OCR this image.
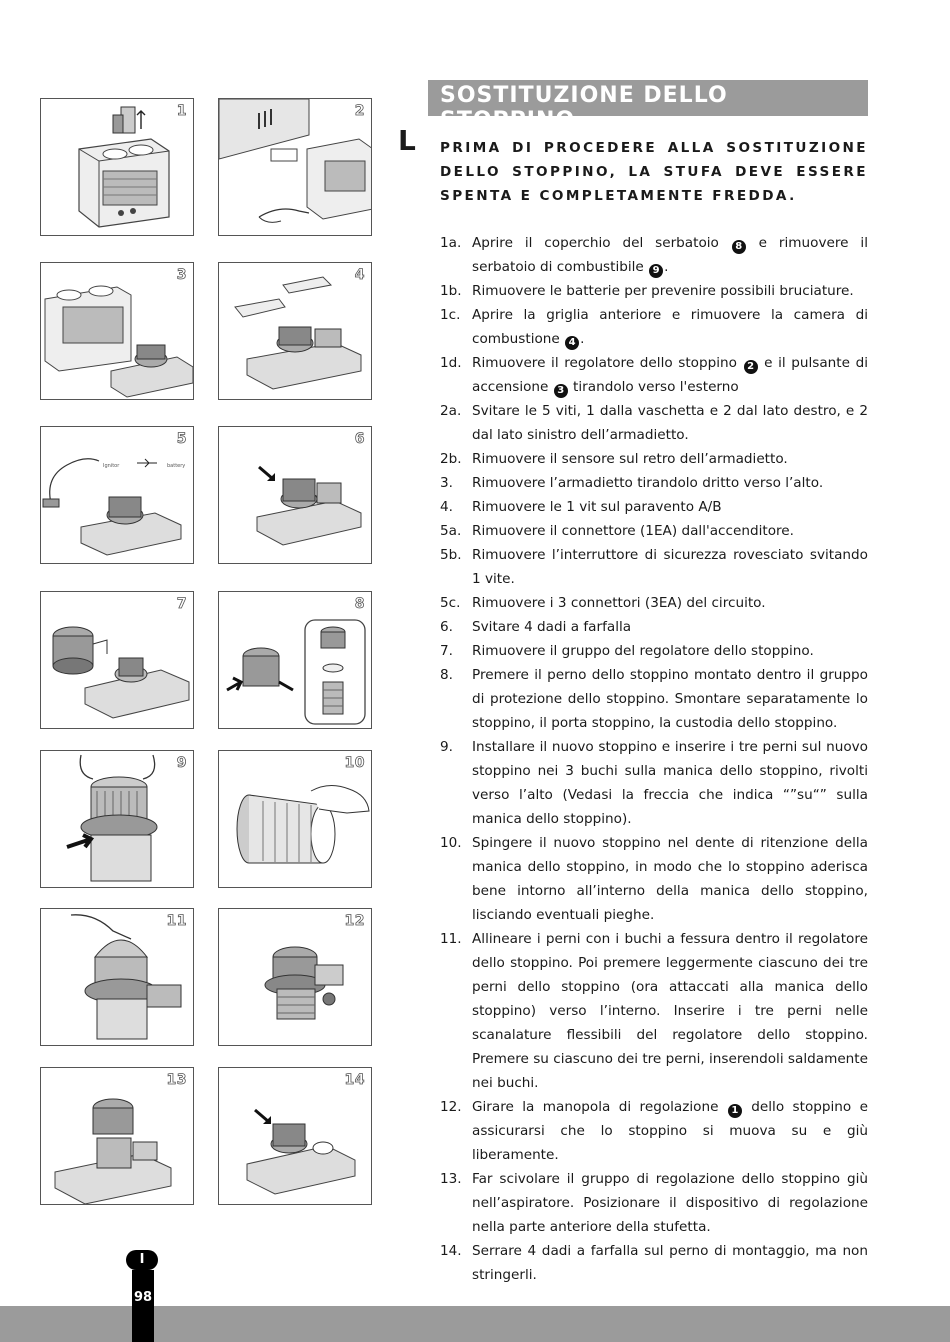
1	2
3	4
Ignitor	battery
5	6
7	8
9	10
11	12
13	14
SOSTITUZIONE DELLO STOPPINO
L PRIMA DI PROCEDERE ALLA SOSTITUZIONE DELLO STOPPINO, LA STUFA DEVE ESSERE SPENTA E COMPLETAMENTE FREDDA.
1a. Aprire il coperchio del serbatoio 8 e rimuovere il serbatoio di combustibile 9 .
1b. Rimuovere le batterie per prevenire possibili bruciature.
1c. Aprire la griglia anteriore e rimuovere la camera di combustione 4 .
1d. Rimuovere il regolatore dello stoppino 2 e il pulsante di accensione 3 tirandolo verso l'esterno
2a. Svitare le 5 viti, 1 dalla vaschetta e 2 dal lato destro, e 2 dal lato sinistro dell’armadietto.
2b. Rimuovere il sensore sul retro dell’armadietto.
3. Rimuovere l’armadietto tirandolo dritto verso l’alto.
4. Rimuovere le 1 vit sul paravento A/B
5a. Rimuovere il connettore (1EA) dall'accenditore.
5b. Rimuovere l’interruttore di sicurezza rovesciato svitando 1 vite.
5c. Rimuovere i 3 connettori (3EA) del circuito.
6. Svitare 4 dadi a farfalla
7. Rimuovere il gruppo del regolatore dello stoppino.
8. Premere il perno dello stoppino montato dentro il gruppo di protezione dello stoppino. Smontare separatamente lo stoppino, il porta stoppino, la custodia dello stoppino.
9. Installare il nuovo stoppino e inserire i tre perni sul nuovo stoppino nei 3 buchi sulla manica dello stoppino, rivolti verso l’alto (Vedasi la freccia che indica “”su“” sulla manica dello stoppino).
10. Spingere il nuovo stoppino nel dente di ritenzione della manica dello stoppino, in modo che lo stoppino aderisca bene intorno all’interno della manica dello stoppino, lisciando eventuali pieghe.
11. Allineare i perni con i buchi a fessura dentro il regolatore dello stoppino. Poi premere leggermente ciascuno dei tre perni dello stoppino (ora attaccati alla manica dello stoppino) verso l’interno. Inserire i tre perni nelle scanalature flessibili del regolatore dello stoppino. Premere su ciascuno dei tre perni, inserendoli saldamente nei buchi.
12. Girare la manopola di regolazione 1 dello stoppino e assicurarsi che lo stoppino si muova su e giù liberamente.
13. Far scivolare il gruppo di regolazione dello stoppino giù nell’aspiratore. Posizionare il dispositivo di regolazione nella parte anteriore della stufetta.
14. Serrare 4 dadi a farfalla sul perno di montaggio, ma non stringerli.
I
98
